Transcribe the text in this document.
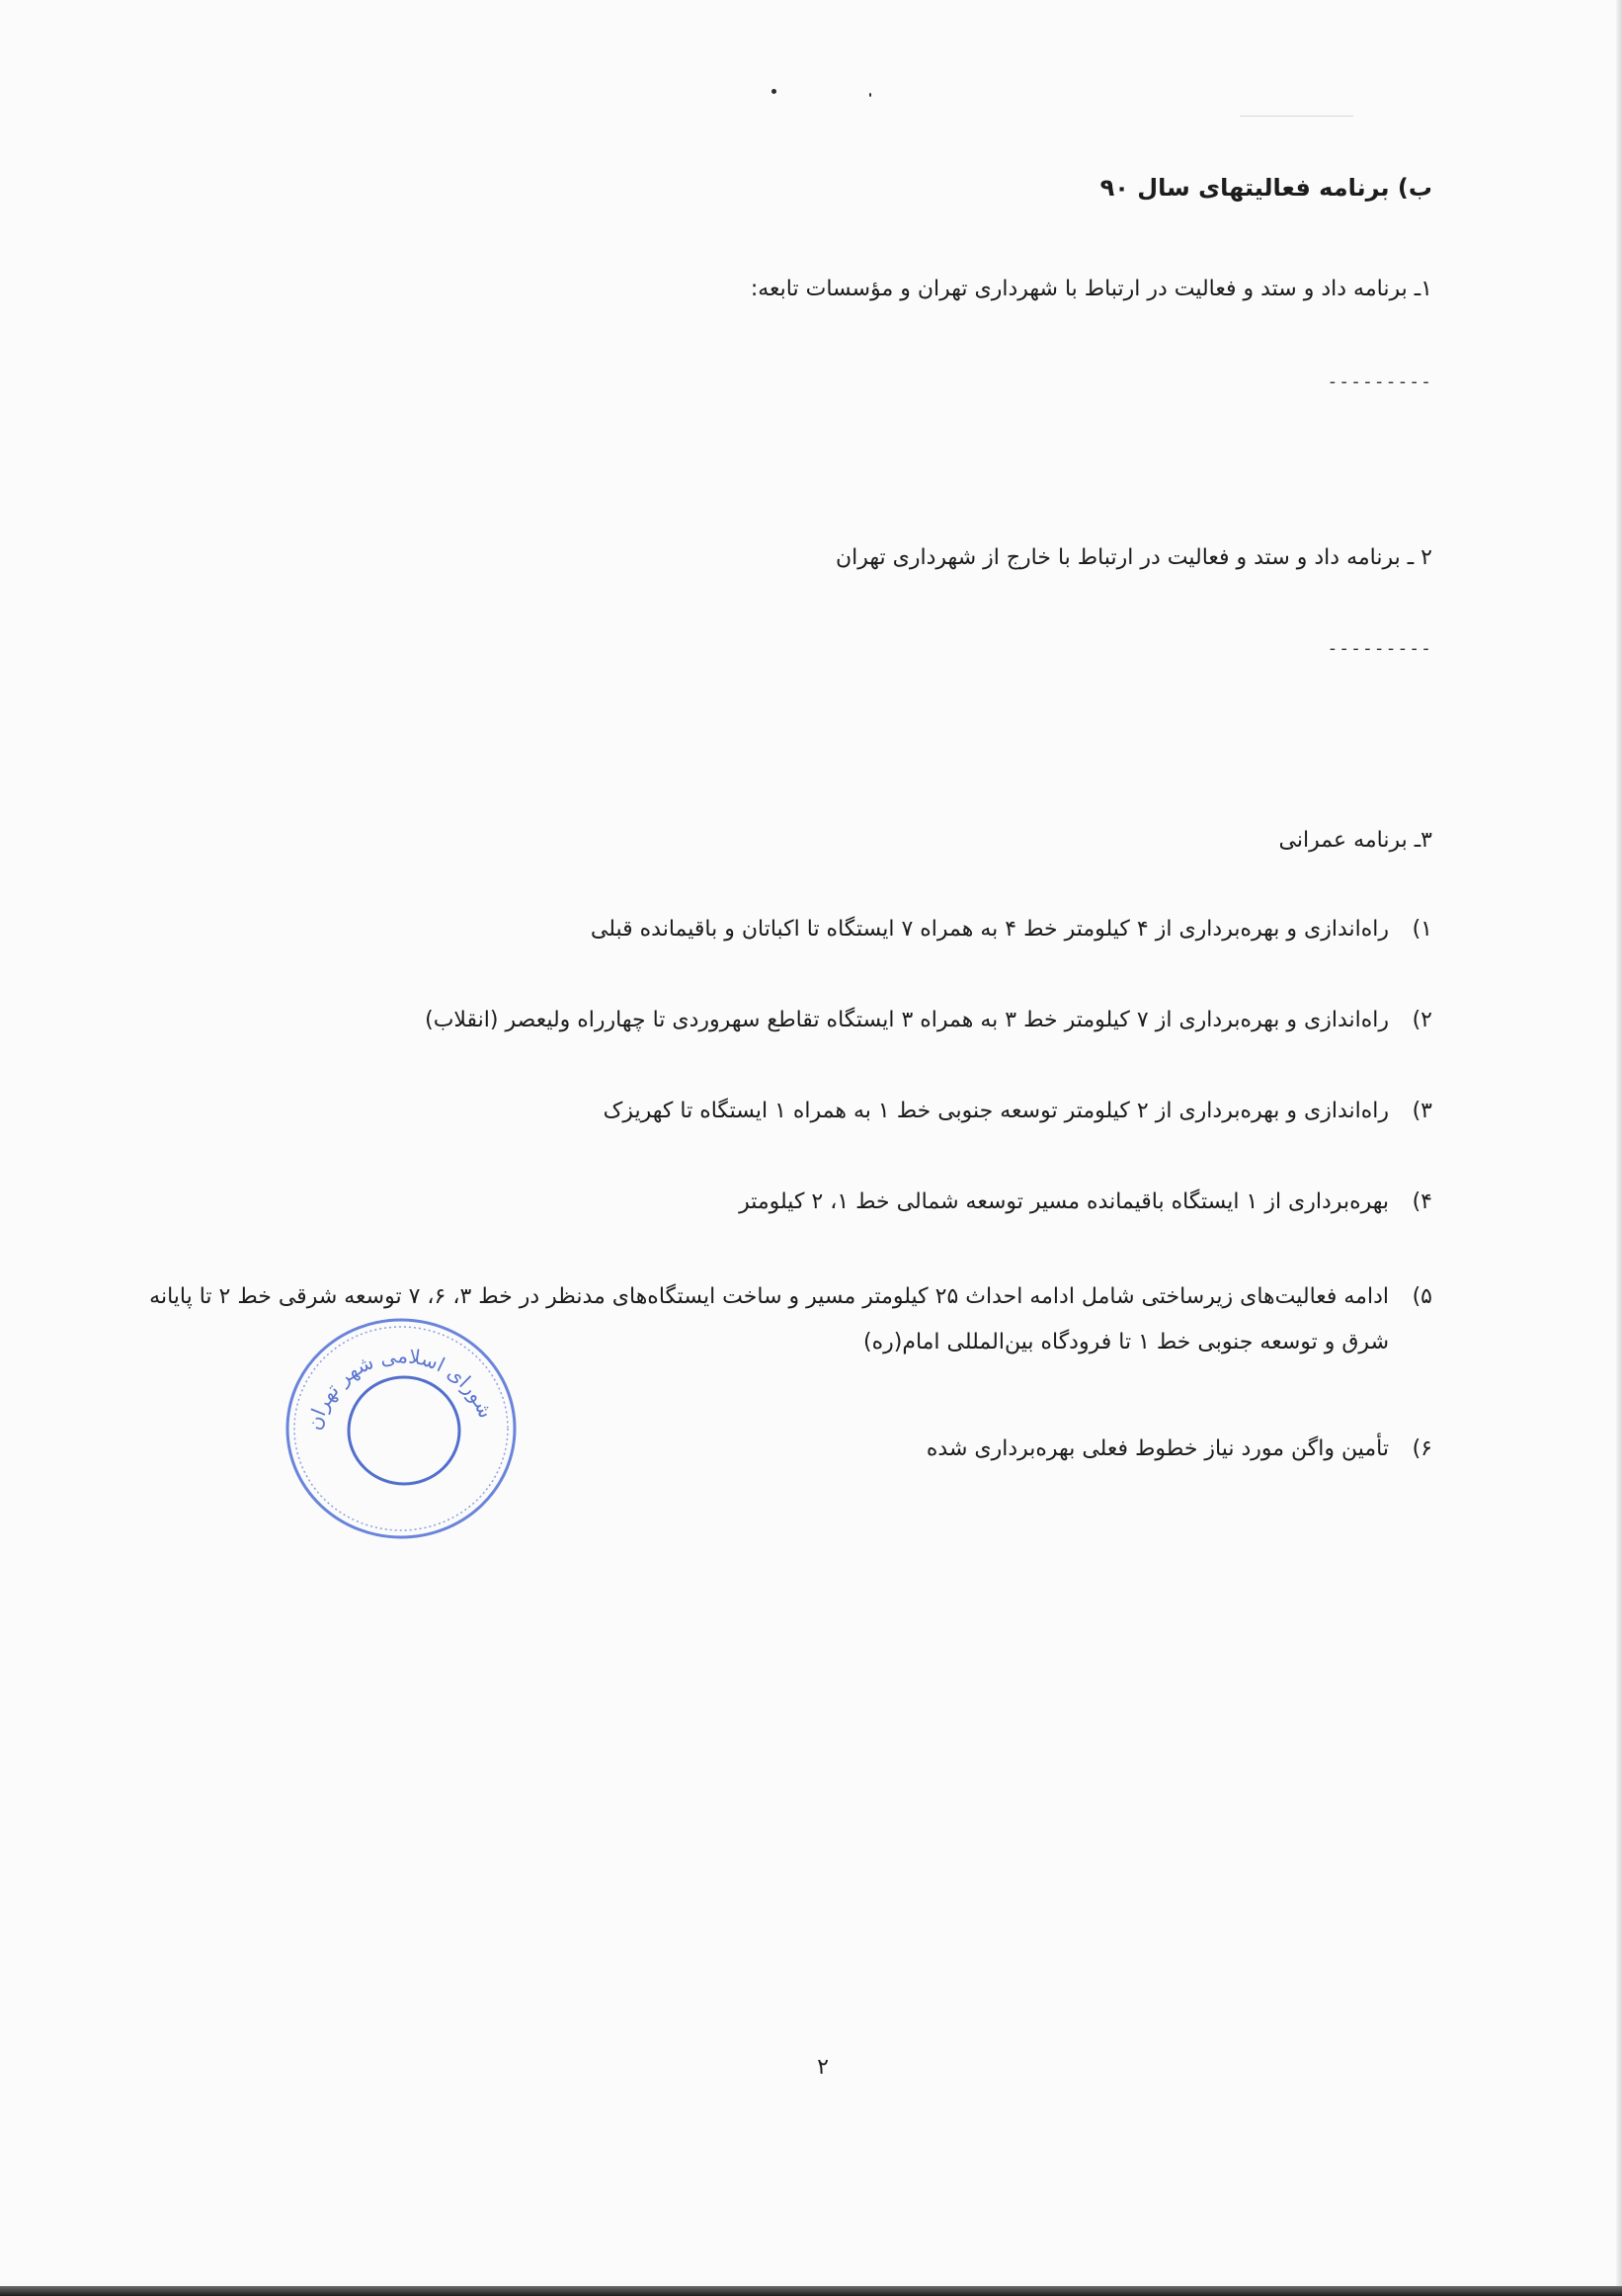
ب) برنامه فعالیتهای سال ۹۰
۱ـ برنامه داد و ستد و فعالیت در ارتباط با شهرداری تهران و مؤسسات تابعه:
---------
۲ ـ برنامه داد و ستد و فعالیت در ارتباط با خارج از شهرداری تهران
---------
۳ـ برنامه عمرانی
۱)
راه‌اندازی و بهره‌برداری از ۴ کیلومتر خط ۴ به همراه ۷ ایستگاه تا اکباتان و باقیمانده قبلی
۲)
راه‌اندازی و بهره‌برداری از ۷ کیلومتر خط ۳ به همراه ۳ ایستگاه تقاطع سهروردی تا چهارراه ولیعصر (انقلاب)
۳)
راه‌اندازی و بهره‌برداری از ۲ کیلومتر توسعه جنوبی خط ۱ به همراه ۱ ایستگاه تا کهریزک
۴)
بهره‌برداری از ۱ ایستگاه باقیمانده مسیر توسعه شمالی خط ۱، ۲ کیلومتر
۵)
ادامه فعالیت‌های زیرساختی شامل ادامه احداث ۲۵ کیلومتر مسیر و ساخت ایستگاه‌های مدنظر در خط ۳، ۶، ۷ توسعه شرقی خط ۲ تا پایانه شرق و توسعه جنوبی خط ۱ تا فرودگاه بین‌المللی امام(ره)
۶)
تأمین واگن مورد نیاز خطوط فعلی بهره‌برداری شده
شورای اسلامی شهر تهران
۲
